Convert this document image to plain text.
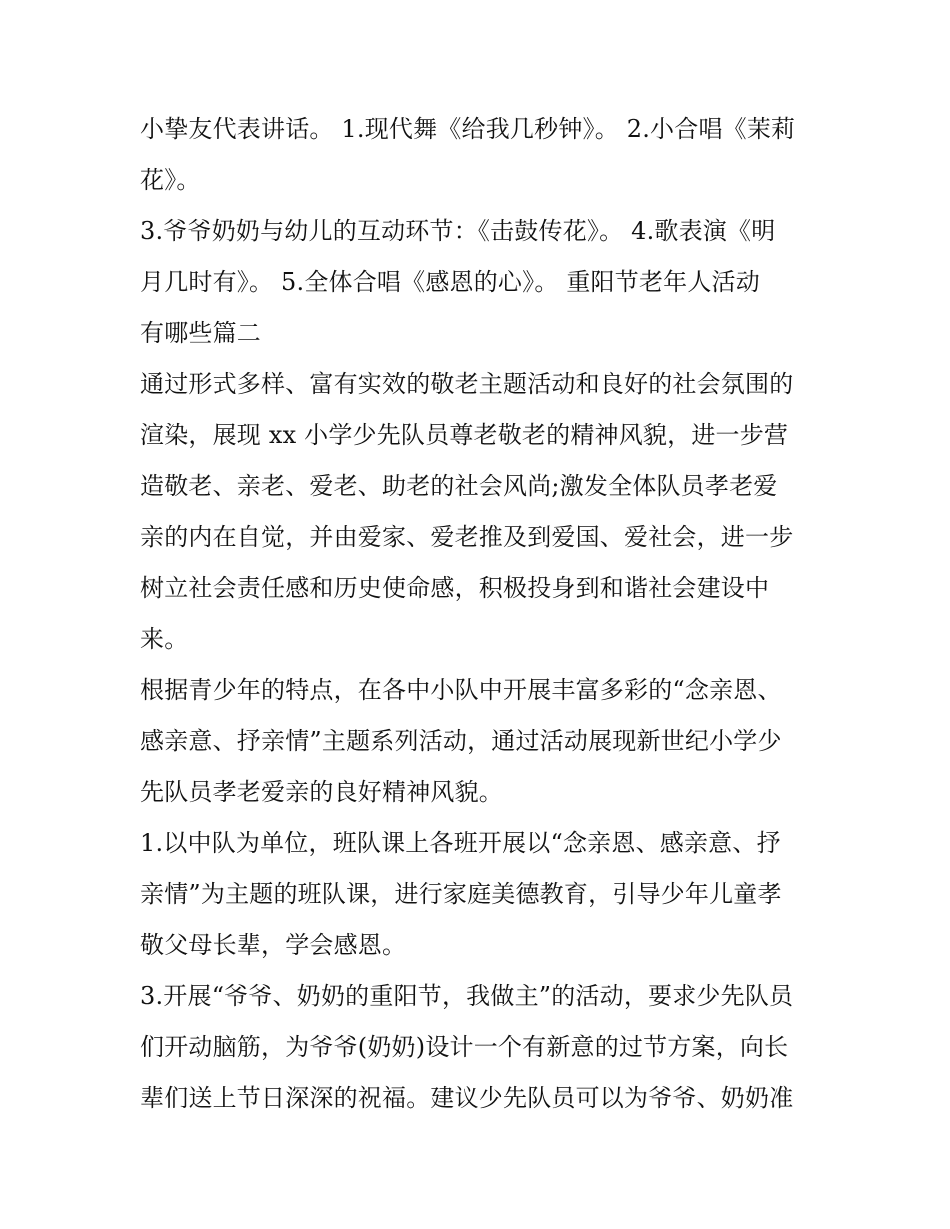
小挚友代表讲话。 1.现代舞《给我几秒钟》。 2.小合唱《茉莉
花》。

3.爷爷奶奶与幼儿的互动环节：《击鼓传花》。 4.歌表演《明
月几时有》。 5.全体合唱《感恩的心》。 重阳节老年人活动
有哪些篇二

通过形式多样、富有实效的敬老主题活动和良好的社会氛围的
渲染，展现 xx 小学少先队员尊老敬老的精神风貌，进一步营
造敬老、亲老、爱老、助老的社会风尚;激发全体队员孝老爱
亲的内在自觉，并由爱家、爱老推及到爱国、爱社会，进一步
树立社会责任感和历史使命感，积极投身到和谐社会建设中
来。

根据青少年的特点，在各中小队中开展丰富多彩的“念亲恩、
感亲意、抒亲情”主题系列活动，通过活动展现新世纪小学少
先队员孝老爱亲的良好精神风貌。

1.以中队为单位，班队课上各班开展以“念亲恩、感亲意、抒
亲情”为主题的班队课，进行家庭美德教育，引导少年儿童孝
敬父母长辈，学会感恩。

3.开展“爷爷、奶奶的重阳节，我做主”的活动，要求少先队员
们开动脑筋，为爷爷(奶奶)设计一个有新意的过节方案，向长
辈们送上节日深深的祝福。建议少先队员可以为爷爷、奶奶准
